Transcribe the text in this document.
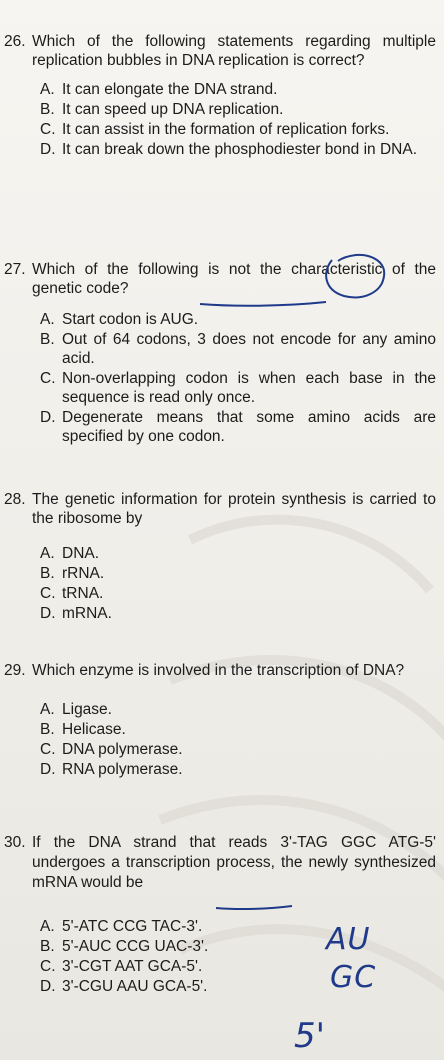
26. Which of the following statements regarding multiple replication bubbles in DNA replication is correct?
A. It can elongate the DNA strand.
B. It can speed up DNA replication.
C. It can assist in the formation of replication forks.
D. It can break down the phosphodiester bond in DNA.
27. Which of the following is not the characteristic of the genetic code?
A. Start codon is AUG.
B. Out of 64 codons, 3 does not encode for any amino acid.
C. Non-overlapping codon is when each base in the sequence is read only once.
D. Degenerate means that some amino acids are specified by one codon.
28. The genetic information for protein synthesis is carried to the ribosome by
A. DNA.
B. rRNA.
C. tRNA.
D. mRNA.
29. Which enzyme is involved in the transcription of DNA?
A. Ligase.
B. Helicase.
C. DNA polymerase.
D. RNA polymerase.
30. If the DNA strand that reads 3'-TAG GGC ATG-5' undergoes a transcription process, the newly synthesized mRNA would be
A. 5'-ATC CCG TAC-3'.
B. 5'-AUC CCG UAC-3'.
C. 3'-CGT AAT GCA-5'.
D. 3'-CGU AAU GCA-5'.
AU
GC
5'
